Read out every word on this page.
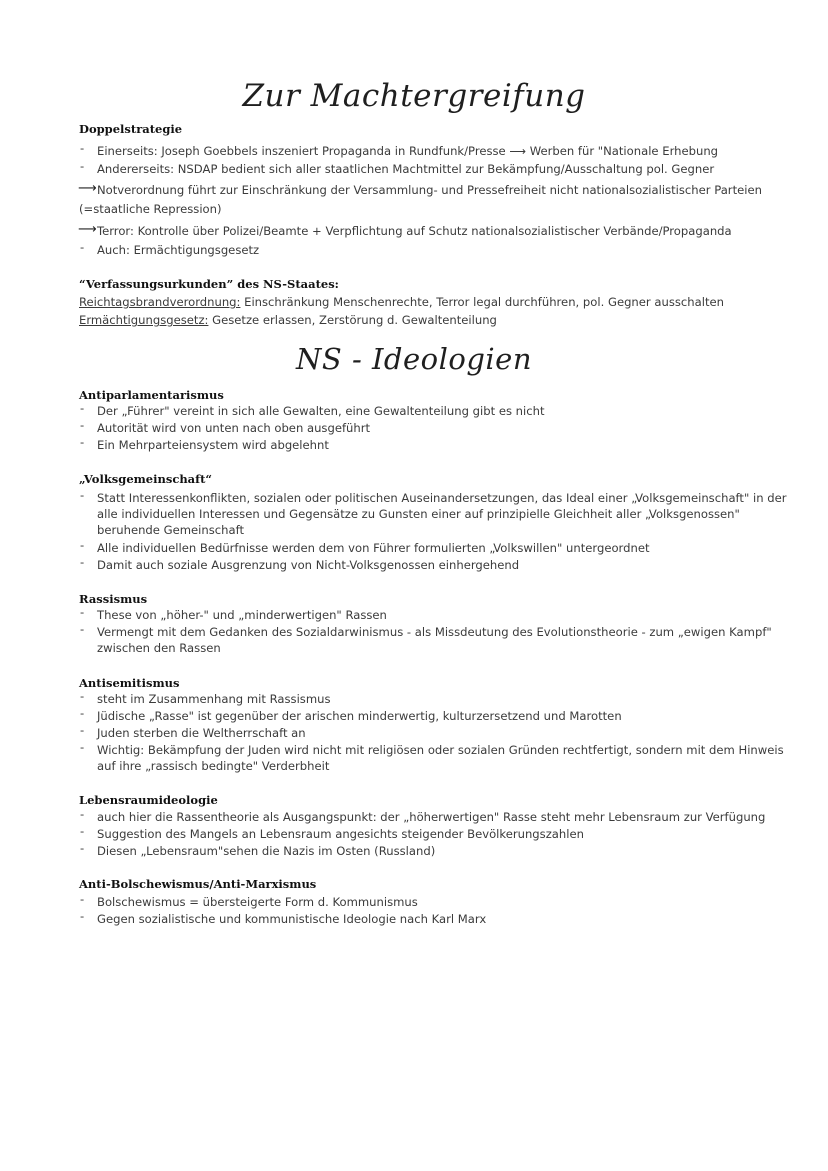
Zur Machtergreifung
Doppelstrategie
- Einerseits: Joseph Goebbels inszeniert Propaganda in Rundfunk/Presse ⟶ Werben für "Nationale Erhebung

- Andererseits: NSDAP bedient sich aller staatlichen Machtmittel zur Bekämpfung/Ausschaltung pol. Gegner

⟶ Notverordnung führt zur Einschränkung der Versammlung- und Pressefreiheit nicht nationalsozialistischer Parteien

(=staatliche Repression)

⟶ Terror: Kontrolle über Polizei/Beamte + Verpflichtung auf Schutz nationalsozialistischer Verbände/Propaganda

- Auch: Ermächtigungsgesetz

“Verfassungsurkunden” des NS-Staates:

Reichtagsbrandverordnung: Einschränkung Menschenrechte, Terror legal durchführen, pol. Gegner ausschalten

Ermächtigungsgesetz: Gesetze erlassen, Zerstörung d. Gewaltenteilung

NS - Ideologien
Antiparlamentarismus
- Der „Führer" vereint in sich alle Gewalten, eine Gewaltenteilung gibt es nicht

- Autorität wird von unten nach oben ausgeführt

- Ein Mehrparteiensystem wird abgelehnt

„Volksgemeinschaft“
- Statt Interessenkonflikten, sozialen oder politischen Auseinandersetzungen, das Ideal einer „Volksgemeinschaft" in der

alle individuellen Interessen und Gegensätze zu Gunsten einer auf prinzipielle Gleichheit aller „Volksgenossen"

beruhende Gemeinschaft

- Alle individuellen Bedürfnisse werden dem von Führer formulierten „Volkswillen" untergeordnet

- Damit auch soziale Ausgrenzung von Nicht-Volksgenossen einhergehend

Rassismus
- These von „höher-" und „minderwertigen" Rassen

- Vermengt mit dem Gedanken des Sozialdarwinismus - als Missdeutung des Evolutionstheorie - zum „ewigen Kampf"

zwischen den Rassen

Antisemitismus
- steht im Zusammenhang mit Rassismus

- Jüdische „Rasse" ist gegenüber der arischen minderwertig, kulturzersetzend und Marotten

- Juden sterben die Weltherrschaft an

- Wichtig: Bekämpfung der Juden wird nicht mit religiösen oder sozialen Gründen rechtfertigt, sondern mit dem Hinweis

auf ihre „rassisch bedingte" Verderbheit

Lebensraumideologie
- auch hier die Rassentheorie als Ausgangspunkt: der „höherwertigen" Rasse steht mehr Lebensraum zur Verfügung

- Suggestion des Mangels an Lebensraum angesichts steigender Bevölkerungszahlen

- Diesen „Lebensraum"sehen die Nazis im Osten (Russland)

Anti-Bolschewismus/Anti-Marxismus
- Bolschewismus = übersteigerte Form d. Kommunismus

- Gegen sozialistische und kommunistische Ideologie nach Karl Marx
